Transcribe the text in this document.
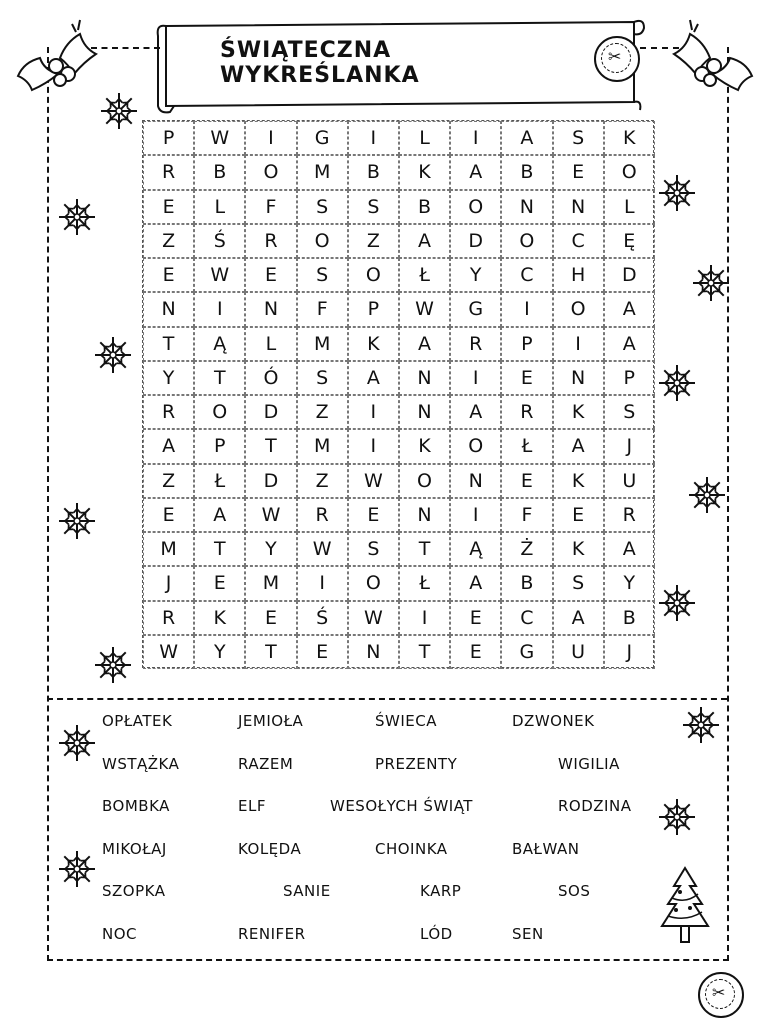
ŚWIĄTECZNA WYKREŚLANKA
✂
✂
P	W	I	G	I	L	I	A	S	K
R	B	O	M	B	K	A	B	E	O
E	L	F	S	S	B	O	N	N	L
Z	Ś	R	O	Z	A	D	O	C	Ę
E	W	E	S	O	Ł	Y	C	H	D
N	I	N	F	P	W	G	I	O	A
T	Ą	L	M	K	A	R	P	I	A
Y	T	Ó	S	A	N	I	E	N	P
R	O	D	Z	I	N	A	R	K	S
A	P	T	M	I	K	O	Ł	A	J
Z	Ł	D	Z	W	O	N	E	K	U
E	A	W	R	E	N	I	F	E	R
M	T	Y	W	S	T	Ą	Ż	K	A
J	E	M	I	O	Ł	A	B	S	Y
R	K	E	Ś	W	I	E	C	A	B
W	Y	T	E	N	T	E	G	U	J
OPŁATEK	JEMIOŁA	ŚWIECA	DZWONEK
WSTĄŻKA	RAZEM	PREZENTY	WIGILIA
BOMBKA	ELF	WESOŁYCH ŚWIĄT	RODZINA
MIKOŁAJ	KOLĘDA	CHOINKA	BAŁWAN
SZOPKA	SANIE	KARP	SOS
NOC	RENIFER	LÓD	SEN
